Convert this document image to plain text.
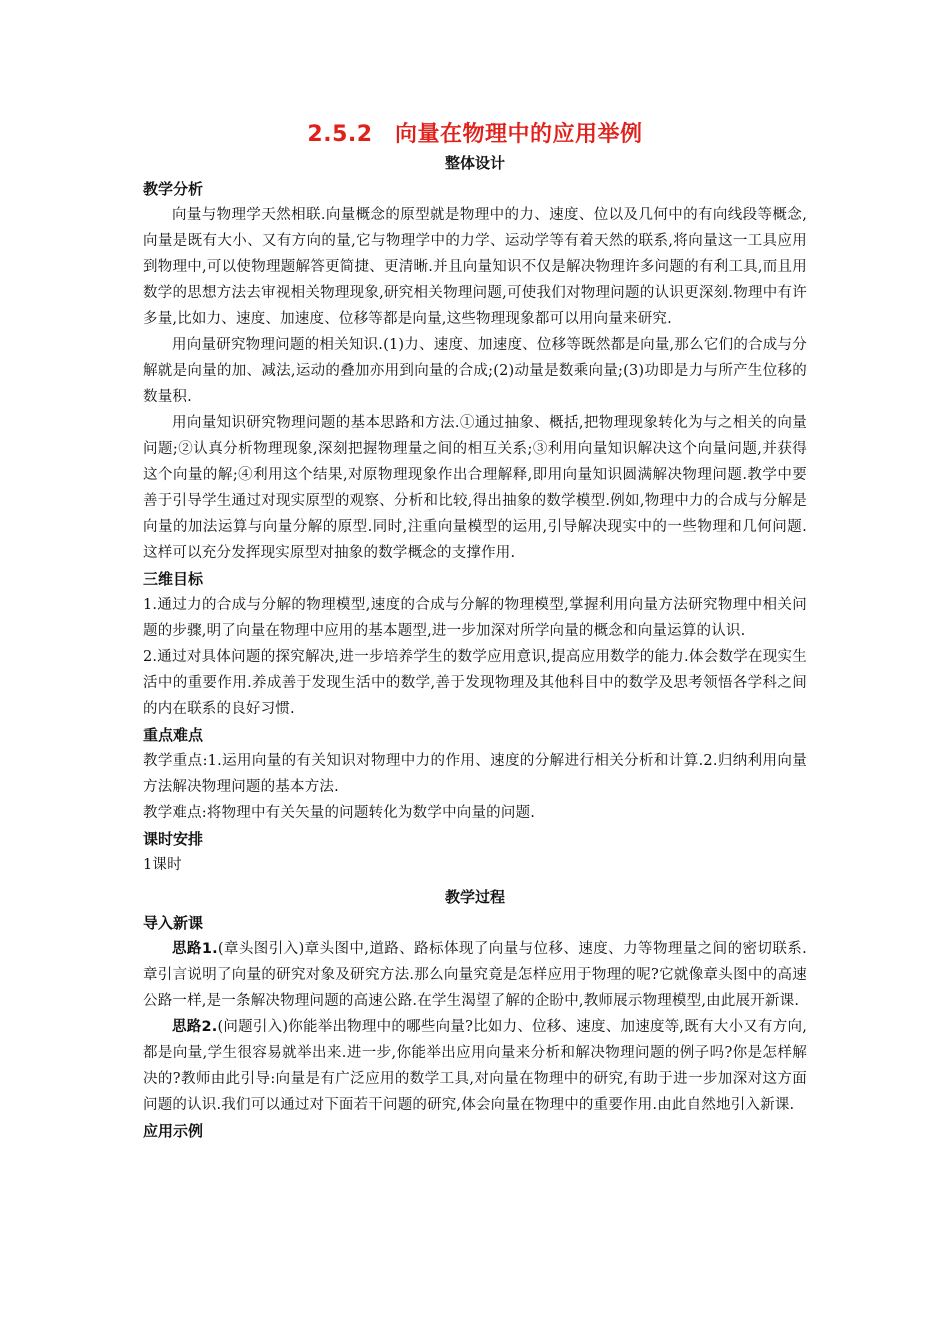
2.5.2　向量在物理中的应用举例
整体设计
教学分析

向量与物理学天然相联.向量概念的原型就是物理中的力、速度、位以及几何中的有向线段等概念,向量是既有大小、又有方向的量,它与物理学中的力学、运动学等有着天然的联系,将向量这一工具应用到物理中,可以使物理题解答更简捷、更清晰.并且向量知识不仅是解决物理许多问题的有利工具,而且用数学的思想方法去审视相关物理现象,研究相关物理问题,可使我们对物理问题的认识更深刻.物理中有许多量,比如力、速度、加速度、位移等都是向量,这些物理现象都可以用向量来研究.

用向量研究物理问题的相关知识.(1)力、速度、加速度、位移等既然都是向量,那么它们的合成与分解就是向量的加、减法,运动的叠加亦用到向量的合成;(2)动量是数乘向量;(3)功即是力与所产生位移的数量积.

用向量知识研究物理问题的基本思路和方法.①通过抽象、概括,把物理现象转化为与之相关的向量问题;②认真分析物理现象,深刻把握物理量之间的相互关系;③利用向量知识解决这个向量问题,并获得这个向量的解;④利用这个结果,对原物理现象作出合理解释,即用向量知识圆满解决物理问题.教学中要善于引导学生通过对现实原型的观察、分析和比较,得出抽象的数学模型.例如,物理中力的合成与分解是向量的加法运算与向量分解的原型.同时,注重向量模型的运用,引导解决现实中的一些物理和几何问题.这样可以充分发挥现实原型对抽象的数学概念的支撑作用.

三维目标

1.通过力的合成与分解的物理模型,速度的合成与分解的物理模型,掌握利用向量方法研究物理中相关问题的步骤,明了向量在物理中应用的基本题型,进一步加深对所学向量的概念和向量运算的认识.

2.通过对具体问题的探究解决,进一步培养学生的数学应用意识,提高应用数学的能力.体会数学在现实生活中的重要作用.养成善于发现生活中的数学,善于发现物理及其他科目中的数学及思考领悟各学科之间的内在联系的良好习惯.

重点难点

教学重点:1.运用向量的有关知识对物理中力的作用、速度的分解进行相关分析和计算.2.归纳利用向量方法解决物理问题的基本方法.

教学难点:将物理中有关矢量的问题转化为数学中向量的问题.

课时安排

1课时

教学过程
导入新课

思路1.(章头图引入)章头图中,道路、路标体现了向量与位移、速度、力等物理量之间的密切联系.章引言说明了向量的研究对象及研究方法.那么向量究竟是怎样应用于物理的呢?它就像章头图中的高速公路一样,是一条解决物理问题的高速公路.在学生渴望了解的企盼中,教师展示物理模型,由此展开新课.

思路2.(问题引入)你能举出物理中的哪些向量?比如力、位移、速度、加速度等,既有大小又有方向,都是向量,学生很容易就举出来.进一步,你能举出应用向量来分析和解决物理问题的例子吗?你是怎样解决的?教师由此引导:向量是有广泛应用的数学工具,对向量在物理中的研究,有助于进一步加深对这方面问题的认识.我们可以通过对下面若干问题的研究,体会向量在物理中的重要作用.由此自然地引入新课.

应用示例
